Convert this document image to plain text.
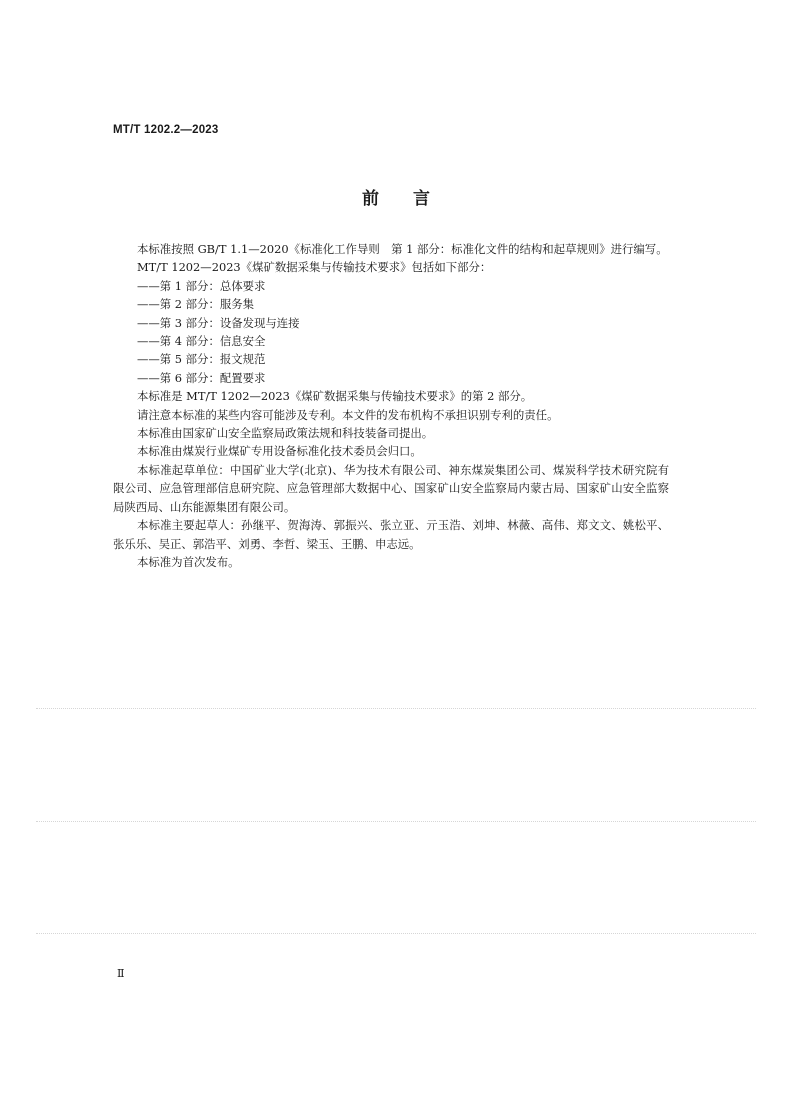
MT/T 1202.2—2023
前言

本标准按照 GB/T 1.1—2020《标准化工作导则　第 1 部分：标准化文件的结构和起草规则》进行编写。

MT/T 1202—2023《煤矿数据采集与传输技术要求》包括如下部分：

——第 1 部分：总体要求

——第 2 部分：服务集

——第 3 部分：设备发现与连接

——第 4 部分：信息安全

——第 5 部分：报文规范

——第 6 部分：配置要求

本标准是 MT/T 1202—2023《煤矿数据采集与传输技术要求》的第 2 部分。

请注意本标准的某些内容可能涉及专利。本文件的发布机构不承担识别专利的责任。

本标准由国家矿山安全监察局政策法规和科技装备司提出。

本标准由煤炭行业煤矿专用设备标准化技术委员会归口。

本标准起草单位：中国矿业大学(北京)、华为技术有限公司、神东煤炭集团公司、煤炭科学技术研究院有限公司、应急管理部信息研究院、应急管理部大数据中心、国家矿山安全监察局内蒙古局、国家矿山安全监察局陕西局、山东能源集团有限公司。

本标准主要起草人：孙继平、贺海涛、郭振兴、张立亚、亓玉浩、刘坤、林薇、高伟、郑文文、姚松平、张乐乐、吴正、郭浩平、刘勇、李哲、梁玉、王鹏、申志远。

本标准为首次发布。

Ⅱ
